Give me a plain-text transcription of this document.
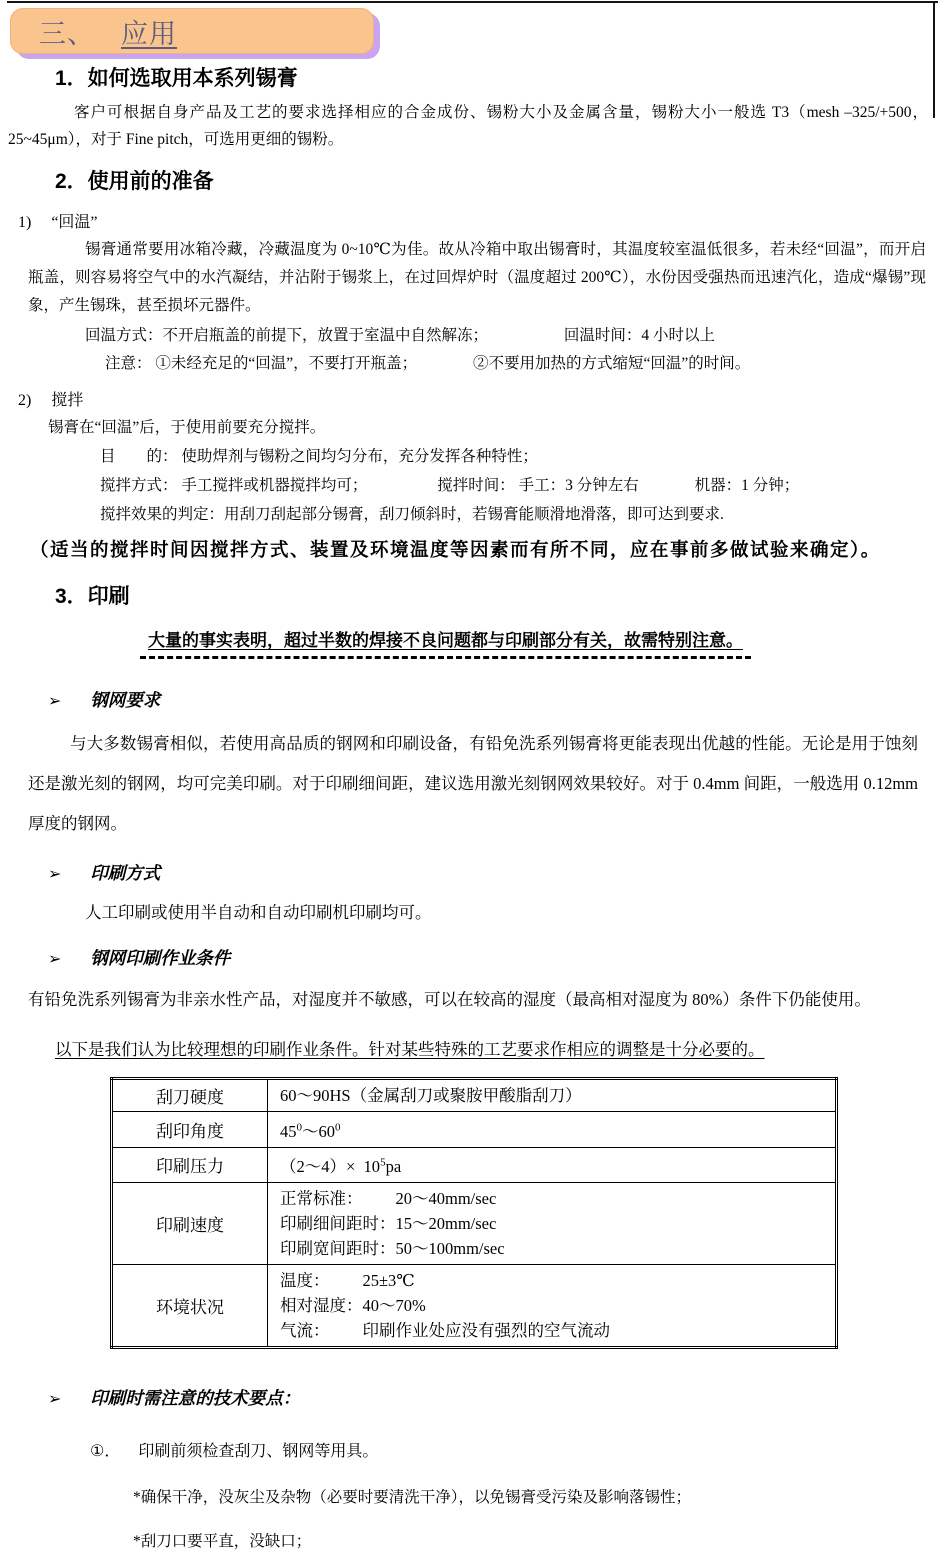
三、 应用
1．如何选取用本系列锡膏
客户可根据自身产品及工艺的要求选择相应的合金成份、锡粉大小及金属含量，锡粉大小一般选 T3（mesh –325/+500，25~45μm），对于 Fine pitch，可选用更细的锡粉。
2．使用前的准备
1) “回温”
锡膏通常要用冰箱冷藏，冷藏温度为 0~10℃为佳。故从冷箱中取出锡膏时，其温度较室温低很多，若未经“回温”，而开启瓶盖，则容易将空气中的水汽凝结，并沾附于锡浆上，在过回焊炉时（温度超过 200℃），水份因受强热而迅速汽化，造成“爆锡”现象，产生锡珠，甚至损坏元器件。
回温方式：不开启瓶盖的前提下，放置于室温中自然解冻；	回温时间：4 小时以上
注意： ①未经充足的“回温”，不要打开瓶盖；	②不要用加热的方式缩短“回温”的时间。
2) 搅拌
锡膏在“回温”后，于使用前要充分搅拌。
目　　的： 使助焊剂与锡粉之间均匀分布，充分发挥各种特性；
搅拌方式： 手工搅拌或机器搅拌均可；	搅拌时间： 手工：3 分钟左右	机器：1 分钟；
搅拌效果的判定：用刮刀刮起部分锡膏，刮刀倾斜时，若锡膏能顺滑地滑落，即可达到要求.
（适当的搅拌时间因搅拌方式、装置及环境温度等因素而有所不同，应在事前多做试验来确定）。
3．印刷
大量的事实表明，超过半数的焊接不良问题都与印刷部分有关，故需特别注意。
➢ 钢网要求
与大多数锡膏相似，若使用高品质的钢网和印刷设备，有铅免洗系列锡膏将更能表现出优越的性能。无论是用于蚀刻还是激光刻的钢网，均可完美印刷。对于印刷细间距，建议选用激光刻钢网效果较好。对于 0.4mm 间距，一般选用 0.12mm 厚度的钢网。
➢ 印刷方式
人工印刷或使用半自动和自动印刷机印刷均可。
➢ 钢网印刷作业条件
有铅免洗系列锡膏为非亲水性产品，对湿度并不敏感，可以在较高的湿度（最高相对湿度为 80%）条件下仍能使用。
以下是我们认为比较理想的印刷作业条件。针对某些特殊的工艺要求作相应的调整是十分必要的。
刮刀硬度	60～90HS（金属刮刀或聚胺甲酸脂刮刀）
刮印角度	$45^0\sim 60^0$
印刷压力	（2～4）×  $10^5pa$
印刷速度	正常标准：        20～40mm/sec
印刷细间距时：15～20mm/sec
印刷宽间距时：50～100mm/sec

环境状况	温度：        25±3℃
相对湿度：40～70%
气流：        印刷作业处应没有强烈的空气流动
➢ 印刷时需注意的技术要点：
①． 印刷前须检查刮刀、钢网等用具。
*确保干净，没灰尘及杂物（必要时要清洗干净），以免锡膏受污染及影响落锡性；
*刮刀口要平直，没缺口；
